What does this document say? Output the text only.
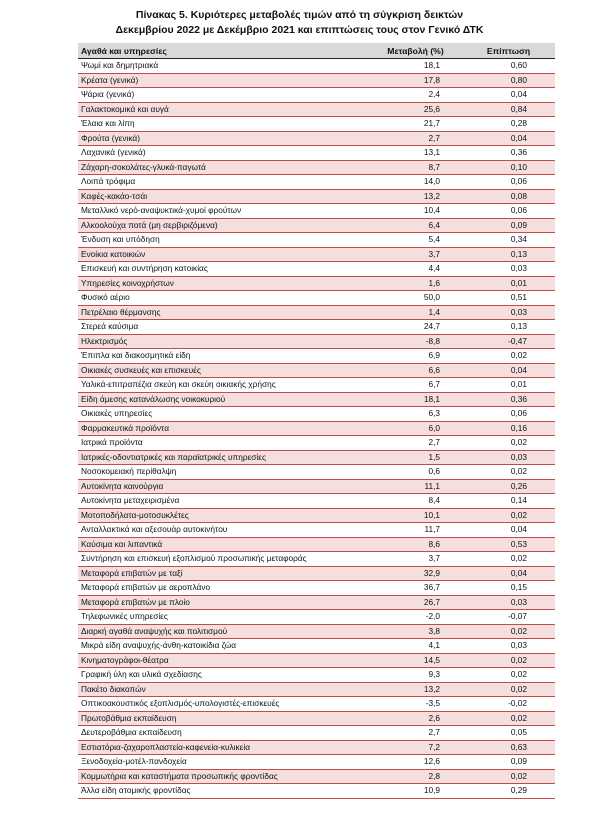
Πίνακας 5. Κυριότερες μεταβολές τιμών από τη σύγκριση δεικτών
Δεκεμβρίου 2022 με Δεκέμβριο 2021 και επιπτώσεις τους στον Γενικό ΔΤΚ
Αγαθά και υπηρεσίες	Μεταβολή (%)	Επίπτωση
Ψωμί και δημητριακά	18,1	0,60
Κρέατα (γενικά)	17,8	0,80
Ψάρια (γενικά)	2,4	0,04
Γαλακτοκομικά και αυγά	25,6	0,84
Έλαια και λίπη	21,7	0,28
Φρούτα (γενικά)	2,7	0,04
Λαχανικά (γενικά)	13,1	0,36
Ζάχαρη-σοκολάτες-γλυκά-παγωτά	8,7	0,10
Λοιπά τρόφιμα	14,0	0,06
Καφές-κακάο-τσάι	13,2	0,08
Μεταλλικό νερό-αναψυκτικά-χυμοί φρούτων	10,4	0,06
Αλκοολούχα ποτά (μη σερβιριζόμενα)	6,4	0,09
Ένδυση και υπόδηση	5,4	0,34
Ενοίκια κατοικιών	3,7	0,13
Επισκευή και συντήρηση κατοικίας	4,4	0,03
Υπηρεσίες κοινοχρήστων	1,6	0,01
Φυσικό αέριο	50,0	0,51
Πετρέλαιο θέρμανσης	1,4	0,03
Στερεά καύσιμα	24,7	0,13
Ηλεκτρισμός	-8,8	-0,47
Έπιπλα και διακοσμητικά είδη	6,9	0,02
Οικιακές συσκευές και επισκευές	6,6	0,04
Υαλικά-επιτραπέζια σκεύη και σκεύη οικιακής χρήσης	6,7	0,01
Είδη άμεσης κατανάλωσης νοικοκυριού	18,1	0,36
Οικιακές υπηρεσίες	6,3	0,06
Φαρμακευτικά προϊόντα	6,0	0,16
Ιατρικά προϊόντα	2,7	0,02
Ιατρικές-οδοντιατρικές και παραϊατρικές υπηρεσίες	1,5	0,03
Νοσοκομειακή περίθαλψη	0,6	0,02
Αυτοκίνητα καινούργια	11,1	0,26
Αυτοκίνητα μεταχειρισμένα	8,4	0,14
Μοτοποδήλατα-μοτοσυκλέτες	10,1	0,02
Ανταλλακτικά και αξεσουάρ αυτοκινήτου	11,7	0,04
Καύσιμα και λιπαντικά	8,6	0,53
Συντήρηση και επισκευή εξοπλισμού προσωπικής μεταφοράς	3,7	0,02
Μεταφορά επιβατών με ταξί	32,9	0,04
Μεταφορά επιβατών με αεροπλάνο	36,7	0,15
Μεταφορά επιβατών με πλοίο	26,7	0,03
Τηλεφωνικές υπηρεσίες	-2,0	-0,07
Διαρκή αγαθά αναψυχής και πολιτισμού	3,8	0,02
Μικρά είδη αναψυχής-άνθη-κατοικίδια ζώα	4,1	0,03
Κινηματογράφοι-θέατρα	14,5	0,02
Γραφική ύλη και υλικά σχεδίασης	9,3	0,02
Πακέτο διακοπών	13,2	0,02
Οπτικοακουστικός εξοπλισμός-υπολογιστές-επισκευές	-3,5	-0,02
Πρωτοβάθμια εκπαίδευση	2,6	0,02
Δευτεροβάθμια εκπαίδευση	2,7	0,05
Εστιατόρια-ζαχαροπλαστεία-καφενεία-κυλικεία	7,2	0,63
Ξενοδοχεία-μοτέλ-πανδοχεία	12,6	0,09
Κομμωτήρια και καταστήματα προσωπικής φροντίδας	2,8	0,02
Άλλα είδη ατομικής φροντίδας	10,9	0,29
